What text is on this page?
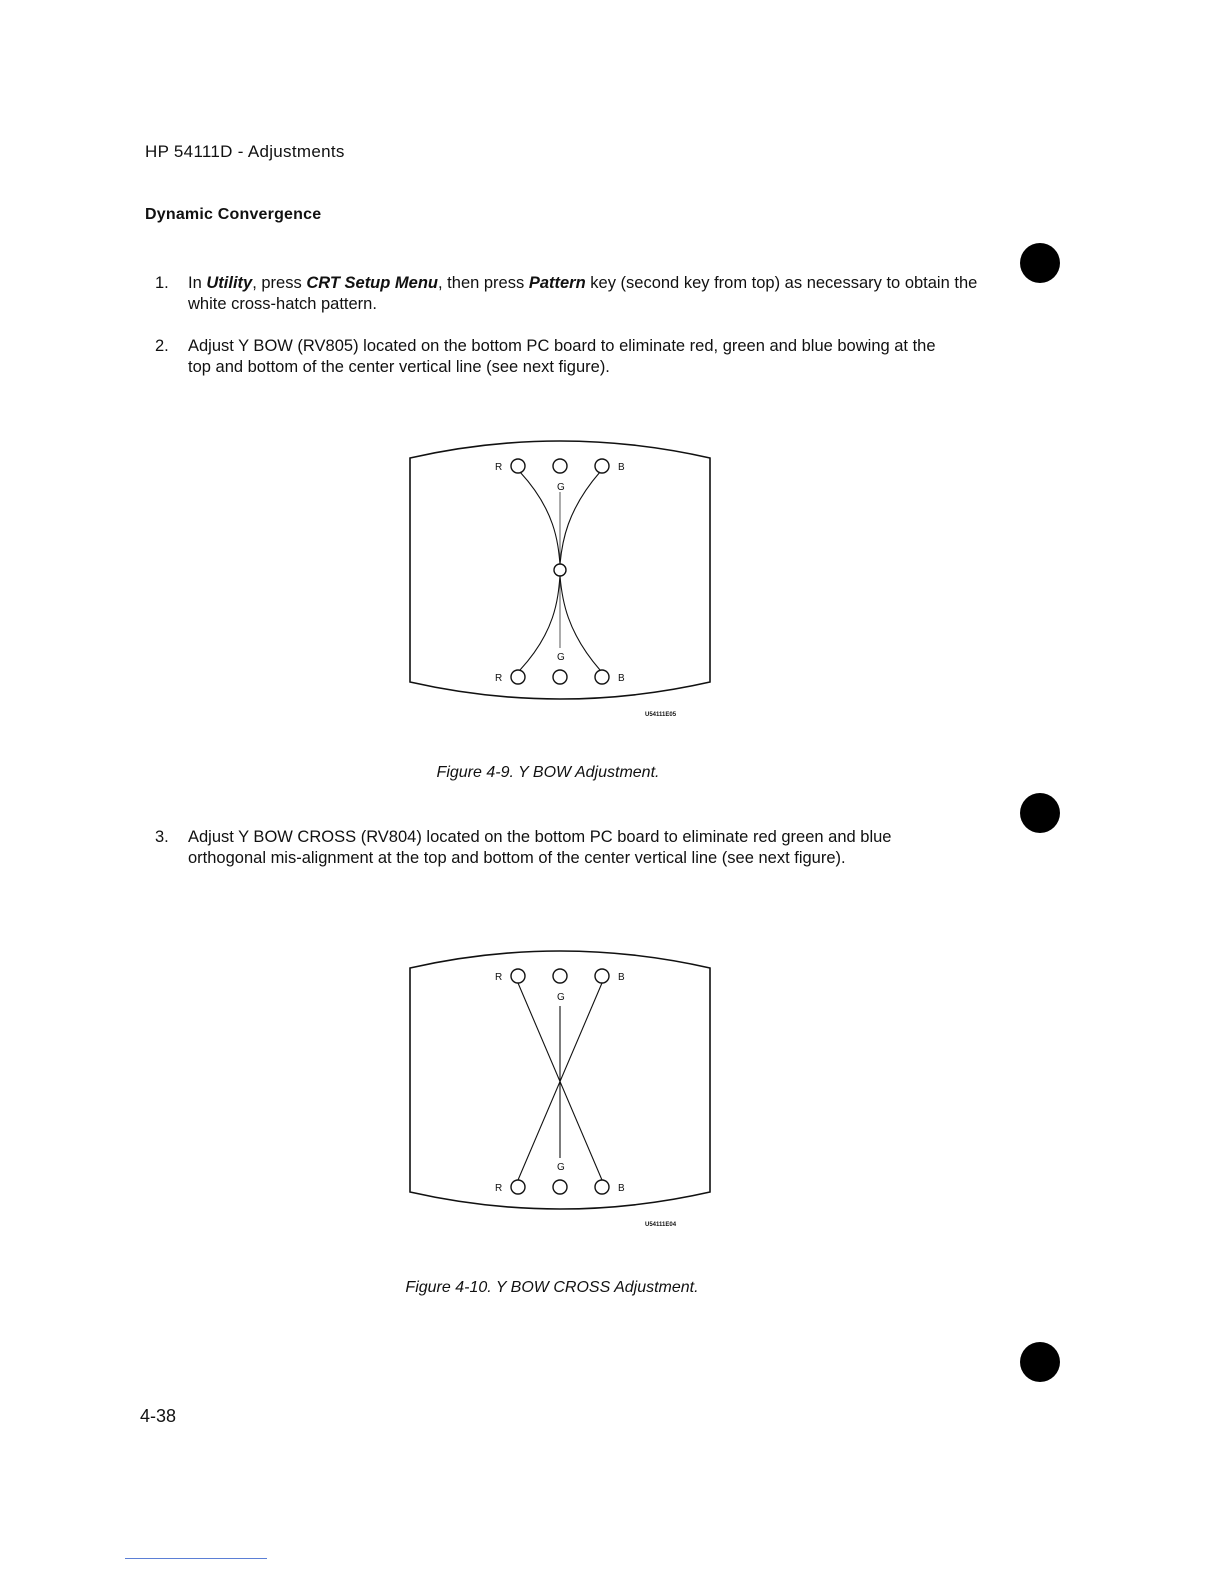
HP 54111D - Adjustments
Dynamic Convergence
1. In Utility, press CRT Setup Menu, then press Pattern key (second key from top) as necessary to obtain the white cross-hatch pattern.
2. Adjust Y BOW (RV805) located on the bottom PC board to eliminate red, green and blue bowing at the top and bottom of the center vertical line (see next figure).
R	B
G
R	B
G
U54111E05
Figure 4-9. Y BOW Adjustment.
3. Adjust Y BOW CROSS (RV804) located on the bottom PC board to eliminate red green and blue orthogonal mis-alignment at the top and bottom of the center vertical line (see next figure).
R	B
G
R	B
G
U54111E04
Figure 4-10. Y BOW CROSS Adjustment.
4-38
